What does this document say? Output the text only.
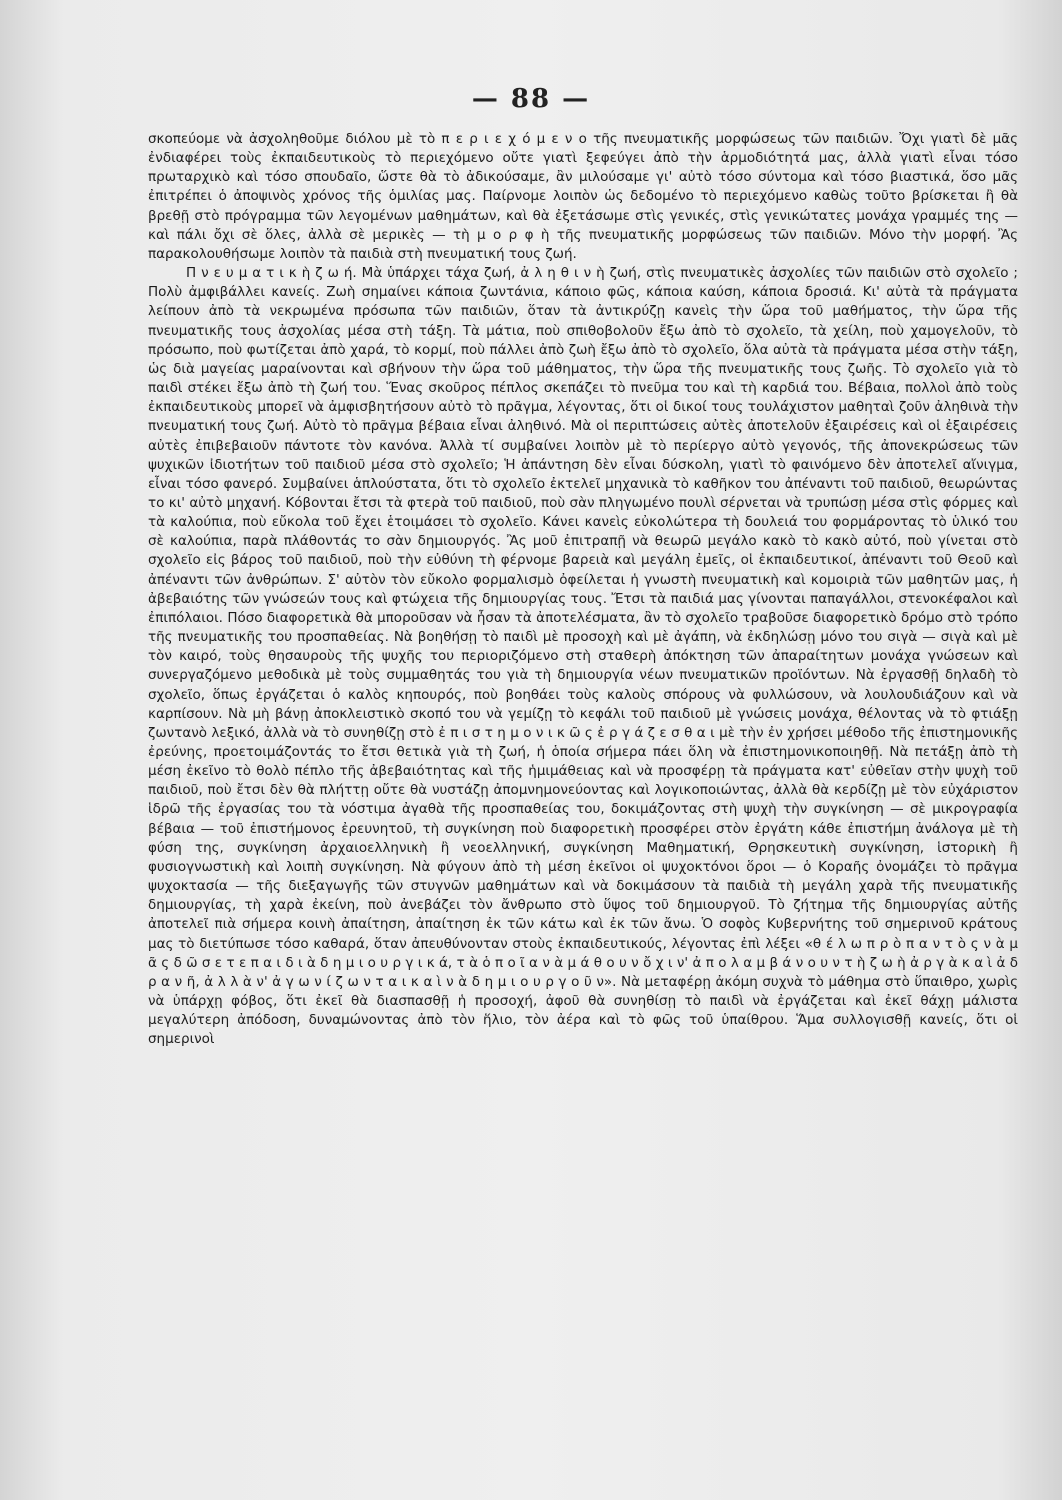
— 88 —

σκοπεύομε νὰ ἀσχοληθοῦμε διόλου μὲ τὸ π ε ρ ι ε χ ό μ ε ν ο τῆς πνευματικῆς μορφώσεως τῶν παιδιῶν. Ὄχι γιατὶ δὲ μᾶς ἐνδιαφέρει τοὺς ἐκπαιδευτικοὺς τὸ περιεχόμενο οὔτε γιατὶ ξεφεύγει ἀπὸ τὴν ἁρμοδιότητά μας, ἀλλὰ γιατὶ εἶναι τόσο πρωταρχικὸ καὶ τόσο σπουδαῖο, ὥστε θὰ τὸ ἀδικούσαμε, ἂν μιλούσαμε γι' αὐτὸ τόσο σύντομα καὶ τόσο βιαστικά, ὅσο μᾶς ἐπιτρέπει ὁ ἀποψινὸς χρόνος τῆς ὁμιλίας μας. Παίρνομε λοιπὸν ὡς δεδομένο τὸ περιεχόμενο καθὼς τοῦτο βρίσκεται ἢ θὰ βρεθῇ στὸ πρόγραμμα τῶν λεγομένων μαθημάτων, καὶ θὰ ἐξετάσωμε στὶς γενικές, στὶς γενικώτατες μονάχα γραμμές της — καὶ πάλι ὄχι σὲ ὅλες, ἀλλὰ σὲ μερικὲς — τὴ μ ο ρ φ ὴ τῆς πνευματικῆς μορφώσεως τῶν παιδιῶν. Μόνο τὴν μορφή. Ἂς παρακολουθήσωμε λοιπὸν τὰ παιδιὰ στὴ πνευματική τους ζωή.

Π ν ε υ μ α τ ι κ ὴ ζ ω ή. Μὰ ὑπάρχει τάχα ζωή, ἀ λ η θ ι ν ὴ ζωή, στὶς πνευματικὲς ἀσχολίες τῶν παιδιῶν στὸ σχολεῖο ; Πολὺ ἀμφιβάλλει κανείς. Ζωὴ σημαίνει κάποια ζωντάνια, κάποιο φῶς, κάποια καύση, κάποια δροσιά. Κι' αὐτὰ τὰ πράγματα λείπουν ἀπὸ τὰ νεκρωμένα πρόσωπα τῶν παιδιῶν, ὅταν τὰ ἀντικρύζῃ κανεὶς τὴν ὥρα τοῦ μαθήματος, τὴν ὥρα τῆς πνευματικῆς τους ἀσχολίας μέσα στὴ τάξη. Τὰ μάτια, ποὺ σπιθοβολοῦν ἔξω ἀπὸ τὸ σχολεῖο, τὰ χείλη, ποὺ χαμογελοῦν, τὸ πρόσωπο, ποὺ φωτίζεται ἀπὸ χαρά, τὸ κορμί, ποὺ πάλλει ἀπὸ ζωὴ ἔξω ἀπὸ τὸ σχολεῖο, ὅλα αὐτὰ τὰ πράγματα μέσα στὴν τάξη, ὡς διὰ μαγείας μαραίνονται καὶ σβήνουν τὴν ὥρα τοῦ μάθηματος, τὴν ὥρα τῆς πνευματικῆς τους ζωῆς. Τὸ σχολεῖο γιὰ τὸ παιδὶ στέκει ἔξω ἀπὸ τὴ ζωή του. Ἕνας σκοῦρος πέπλος σκεπάζει τὸ πνεῦμα του καὶ τὴ καρδιά του. Βέβαια, πολλοὶ ἀπὸ τοὺς ἐκπαιδευτικοὺς μπορεῖ νὰ ἀμφισβητήσουν αὐτὸ τὸ πρᾶγμα, λέγοντας, ὅτι οἱ δικοί τους τουλάχιστον μαθηταὶ ζοῦν ἀληθινὰ τὴν πνευματική τους ζωή. Αὐτὸ τὸ πρᾶγμα βέβαια εἶναι ἀληθινό. Μὰ οἱ περιπτώσεις αὐτὲς ἀποτελοῦν ἐξαιρέσεις καὶ οἱ ἐξαιρέσεις αὐτὲς ἐπιβεβαιοῦν πάντοτε τὸν κανόνα. Ἀλλὰ τί συμβαίνει λοιπὸν μὲ τὸ περίεργο αὐτὸ γεγονός, τῆς ἀπονεκρώσεως τῶν ψυχικῶν ἰδιοτήτων τοῦ παιδιοῦ μέσα στὸ σχολεῖο; Ἡ ἀπάντηση δὲν εἶναι δύσκολη, γιατὶ τὸ φαινόμενο δὲν ἀποτελεῖ αἴνιγμα, εἶναι τόσο φανερό. Συμβαίνει ἁπλούστατα, ὅτι τὸ σχολεῖο ἐκτελεῖ μηχανικὰ τὸ καθῆκον του ἀπέναντι τοῦ παιδιοῦ, θεωρώντας το κι' αὐτὸ μηχανή. Κόβονται ἔτσι τὰ φτερὰ τοῦ παιδιοῦ, ποὺ σὰν πληγωμένο πουλὶ σέρνεται νὰ τρυπώσῃ μέσα στὶς φόρμες καὶ τὰ καλούπια, ποὺ εὔκολα τοῦ ἔχει ἑτοιμάσει τὸ σχολεῖο. Κάνει κανεὶς εὐκολώτερα τὴ δουλειά του φορμάροντας τὸ ὑλικό του σὲ καλούπια, παρὰ πλάθοντάς το σὰν δημιουργός. Ἂς μοῦ ἐπιτραπῇ νὰ θεωρῶ μεγάλο κακὸ τὸ κακὸ αὐτό, ποὺ γίνεται στὸ σχολεῖο εἰς βάρος τοῦ παιδιοῦ, ποὺ τὴν εὐθύνη τὴ φέρνομε βαρειὰ καὶ μεγάλη ἐμεῖς, οἱ ἐκπαιδευτικοί, ἀπέναντι τοῦ Θεοῦ καὶ ἀπέναντι τῶν ἀνθρώπων. Σ' αὐτὸν τὸν εὔκολο φορμαλισμὸ ὀφείλεται ἡ γνωστὴ πνευματικὴ καὶ κομοιριὰ τῶν μαθητῶν μας, ἡ ἀβεβαιότης τῶν γνώσεών τους καὶ φτώχεια τῆς δημιουργίας τους. Ἔτσι τὰ παιδιά μας γίνονται παπαγάλλοι, στενοκέφαλοι καὶ ἐπιπόλαιοι. Πόσο διαφορετικὰ θὰ μποροῦσαν νὰ ἦσαν τὰ ἀποτελέσματα, ἂν τὸ σχολεῖο τραβοῦσε διαφορετικὸ δρόμο στὸ τρόπο τῆς πνευματικῆς του προσπαθείας. Νὰ βοηθήσῃ τὸ παιδὶ μὲ προσοχὴ καὶ μὲ ἀγάπη, νὰ ἐκδηλώσῃ μόνο του σιγὰ — σιγὰ καὶ μὲ τὸν καιρό, τοὺς θησαυροὺς τῆς ψυχῆς του περιοριζόμενο στὴ σταθερὴ ἀπόκτηση τῶν ἀπαραίτητων μονάχα γνώσεων καὶ συνεργαζόμενο μεθοδικὰ μὲ τοὺς συμμαθητάς του γιὰ τὴ δημιουργία νέων πνευματικῶν προϊόντων. Νὰ ἐργασθῇ δηλαδὴ τὸ σχολεῖο, ὅπως ἐργάζεται ὁ καλὸς κηπουρός, ποὺ βοηθάει τοὺς καλοὺς σπόρους νὰ φυλλώσουν, νὰ λουλουδιάζουν καὶ νὰ καρπίσουν. Νὰ μὴ βάνῃ ἀποκλειστικὸ σκοπό του νὰ γεμίζῃ τὸ κεφάλι τοῦ παιδιοῦ μὲ γνώσεις μονάχα, θέλοντας νὰ τὸ φτιάξῃ ζωντανὸ λεξικό, ἀλλὰ νὰ τὸ συνηθίζῃ στὸ ἐ π ι σ τ η μ ο ν ι κ ῶ ς ἐ ρ γ ά ζ ε σ θ α ι μὲ τὴν ἐν χρήσει μέθοδο τῆς ἐπιστημονικῆς ἐρεύνης, προετοιμάζοντάς το ἔτσι θετικὰ γιὰ τὴ ζωή, ἡ ὁποία σήμερα πάει ὅλη νὰ ἐπιστημονικοποιηθῇ. Νὰ πετάξῃ ἀπὸ τὴ μέση ἐκεῖνο τὸ θολὸ πέπλο τῆς ἀβεβαιότητας καὶ τῆς ἡμιμάθειας καὶ νὰ προσφέρῃ τὰ πράγματα κατ' εὐθεῖαν στὴν ψυχὴ τοῦ παιδιοῦ, ποὺ ἔτσι δὲν θὰ πλήττῃ οὔτε θὰ νυστάζῃ ἀπομνημονεύοντας καὶ λογικοποιώντας, ἀλλὰ θὰ κερδίζῃ μὲ τὸν εὐχάριστον ἱδρῶ τῆς ἐργασίας του τὰ νόστιμα ἀγαθὰ τῆς προσπαθείας του, δοκιμάζοντας στὴ ψυχὴ τὴν συγκίνηση — σὲ μικρογραφία βέβαια — τοῦ ἐπιστήμονος ἐρευνητοῦ, τὴ συγκίνηση ποὺ διαφορετικὴ προσφέρει στὸν ἐργάτη κάθε ἐπιστήμη ἀνάλογα μὲ τὴ φύση της, συγκίνηση ἀρχαιοελληνικὴ ἢ νεοελληνική, συγκίνηση Μαθηματική, Θρησκευτικὴ συγκίνηση, ἱστορικὴ ἢ φυσιογνωστικὴ καὶ λοιπὴ συγκίνηση. Νὰ φύγουν ἀπὸ τὴ μέση ἐκεῖνοι οἱ ψυχοκτόνοι ὅροι — ὁ Κοραῆς ὀνομάζει τὸ πρᾶγμα ψυχοκτασία — τῆς διεξαγωγῆς τῶν στυγνῶν μαθημάτων καὶ νὰ δοκιμάσουν τὰ παιδιὰ τὴ μεγάλη χαρὰ τῆς πνευματικῆς δημιουργίας, τὴ χαρὰ ἐκείνη, ποὺ ἀνεβάζει τὸν ἄνθρωπο στὸ ὕψος τοῦ δημιουργοῦ. Τὸ ζήτημα τῆς δημιουργίας αὐτῆς ἀποτελεῖ πιὰ σήμερα κοινὴ ἀπαίτηση, ἀπαίτηση ἐκ τῶν κάτω καὶ ἐκ τῶν ἄνω. Ὁ σοφὸς Κυβερνήτης τοῦ σημερινοῦ κράτους μας τὸ διετύπωσε τόσο καθαρά, ὅταν ἀπευθύνονταν στοὺς ἐκπαιδευτικούς, λέγοντας ἐπὶ λέξει «θ έ λ ω π ρ ὸ π α ν τ ὸ ς ν ὰ μ ᾶ ς δ ῶ σ ε τ ε π α ι δ ι ὰ δ η μ ι ο υ ρ γ ι κ ά, τ ὰ ὁ π ο ῖ α ν ὰ μ ά θ ο υ ν ὄ χ ι ν' ἀ π ο λ α μ β ά ν ο υ ν τ ὴ ζ ω ὴ ἀ ρ γ ὰ κ α ὶ ἀ δ ρ α ν ῆ, ἀ λ λ ὰ ν' ἀ γ ω ν ί ζ ω ν τ α ι κ α ὶ ν ὰ δ η μ ι ο υ ρ γ ο ῦ ν». Νὰ μεταφέρῃ ἀκόμη συχνὰ τὸ μάθημα στὸ ὕπαιθρο, χωρὶς νὰ ὑπάρχῃ φόβος, ὅτι ἐκεῖ θὰ διασπασθῇ ἡ προσοχή, ἀφοῦ θὰ συνηθίσῃ τὸ παιδὶ νὰ ἐργάζεται καὶ ἐκεῖ θάχῃ μάλιστα μεγαλύτερη ἀπόδοση, δυναμώνοντας ἀπὸ τὸν ἥλιο, τὸν ἀέρα καὶ τὸ φῶς τοῦ ὑπαίθρου. Ἅμα συλλογισθῇ κανείς, ὅτι οἱ σημερινοὶ
